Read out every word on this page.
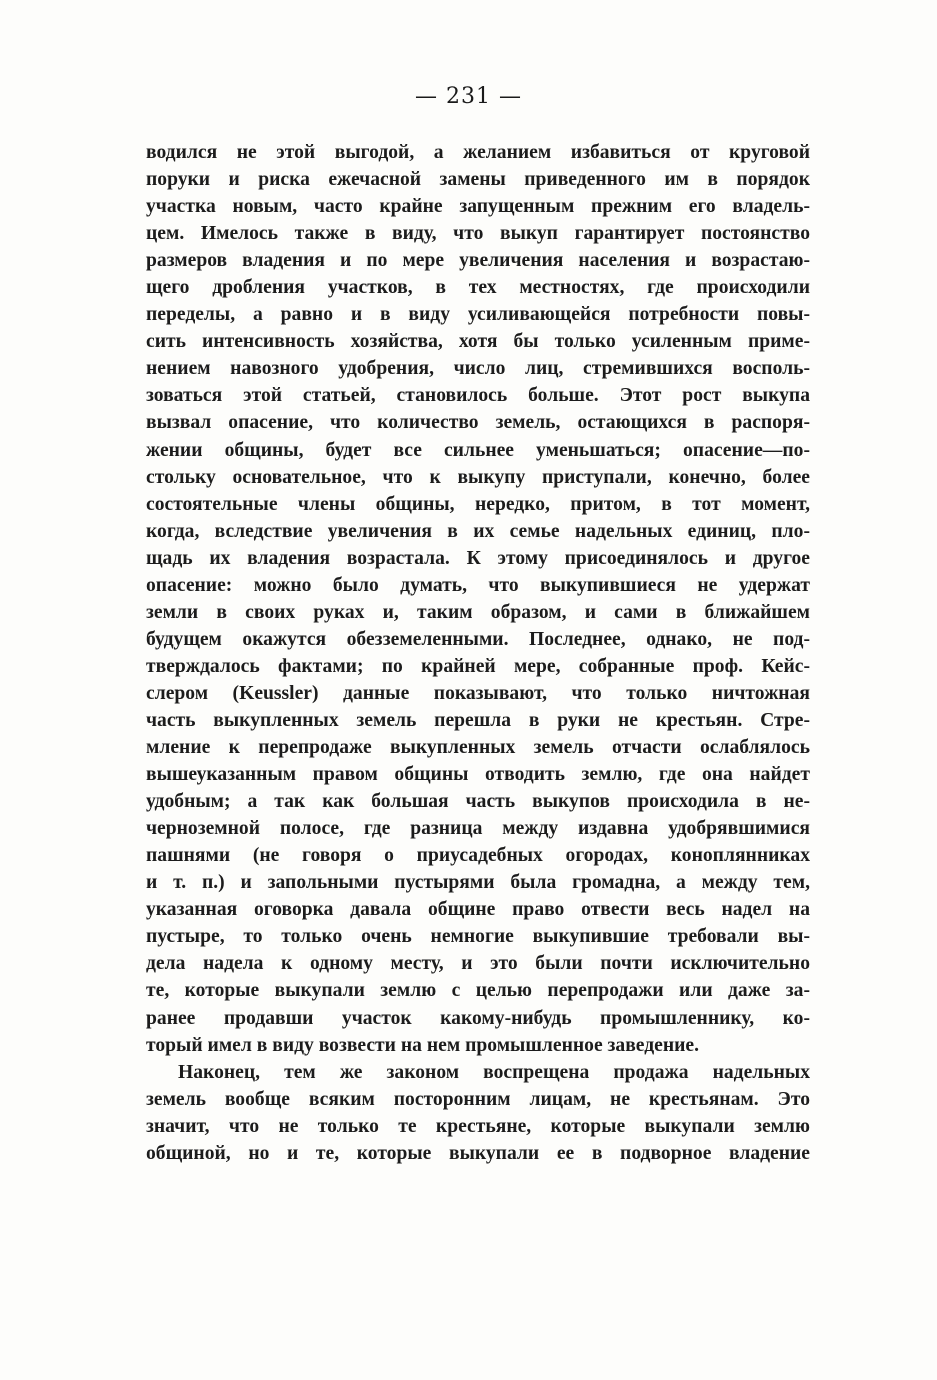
— 231 —
водился не этой выгодой, а желанием избавиться от круговой
поруки и риска ежечасной замены приведенного им в порядок
участка новым, часто крайне запущенным прежним его владель-
цем. Имелось также в виду, что выкуп гарантирует постоянство
размеров владения и по мере увеличения населения и возрастаю-
щего дробления участков, в тех местностях, где происходили
переделы, а равно и в виду усиливающейся потребности повы-
сить интенсивность хозяйства, хотя бы только усиленным приме-
нением навозного удобрения, число лиц, стремившихся восполь-
зоваться этой статьей, становилось больше. Этот рост выкупа
вызвал опасение, что количество земель, остающихся в распоря-
жении общины, будет все сильнее уменьшаться; опасение—по-
стольку основательное, что к выкупу приступали, конечно, более
состоятельные члены общины, нередко, притом, в тот момент,
когда, вследствие увеличения в их семье надельных единиц, пло-
щадь их владения возрастала. К этому присоединялось и другое
опасение: можно было думать, что выкупившиеся не удержат
земли в своих руках и, таким образом, и сами в ближайшем
будущем окажутся обезземеленными. Последнее, однако, не под-
тверждалось фактами; по крайней мере, собранные проф. Кейс-
слером (Keussler) данные показывают, что только ничтожная
часть выкупленных земель перешла в руки не крестьян. Стре-
мление к перепродаже выкупленных земель отчасти ослаблялось
вышеуказанным правом общины отводить землю, где она найдет
удобным; а так как большая часть выкупов происходила в не-
черноземной полосе, где разница между издавна удобрявшимися
пашнями (не говоря о приусадебных огородах, коноплянниках
и т. п.) и запольными пустырями была громадна, а между тем,
указанная оговорка давала общине право отвести весь надел на
пустыре, то только очень немногие выкупившие требовали вы-
дела надела к одному месту, и это были почти исключительно
те, которые выкупали землю с целью перепродажи или даже за-
ранее продавши участок какому-нибудь промышленнику, ко-
торый имел в виду возвести на нем промышленное заведение.
Наконец, тем же законом воспрещена продажа надельных
земель вообще всяким посторонним лицам, не крестьянам. Это
значит, что не только те крестьяне, которые выкупали землю
общиной, но и те, которые выкупали ее в подворное владение
